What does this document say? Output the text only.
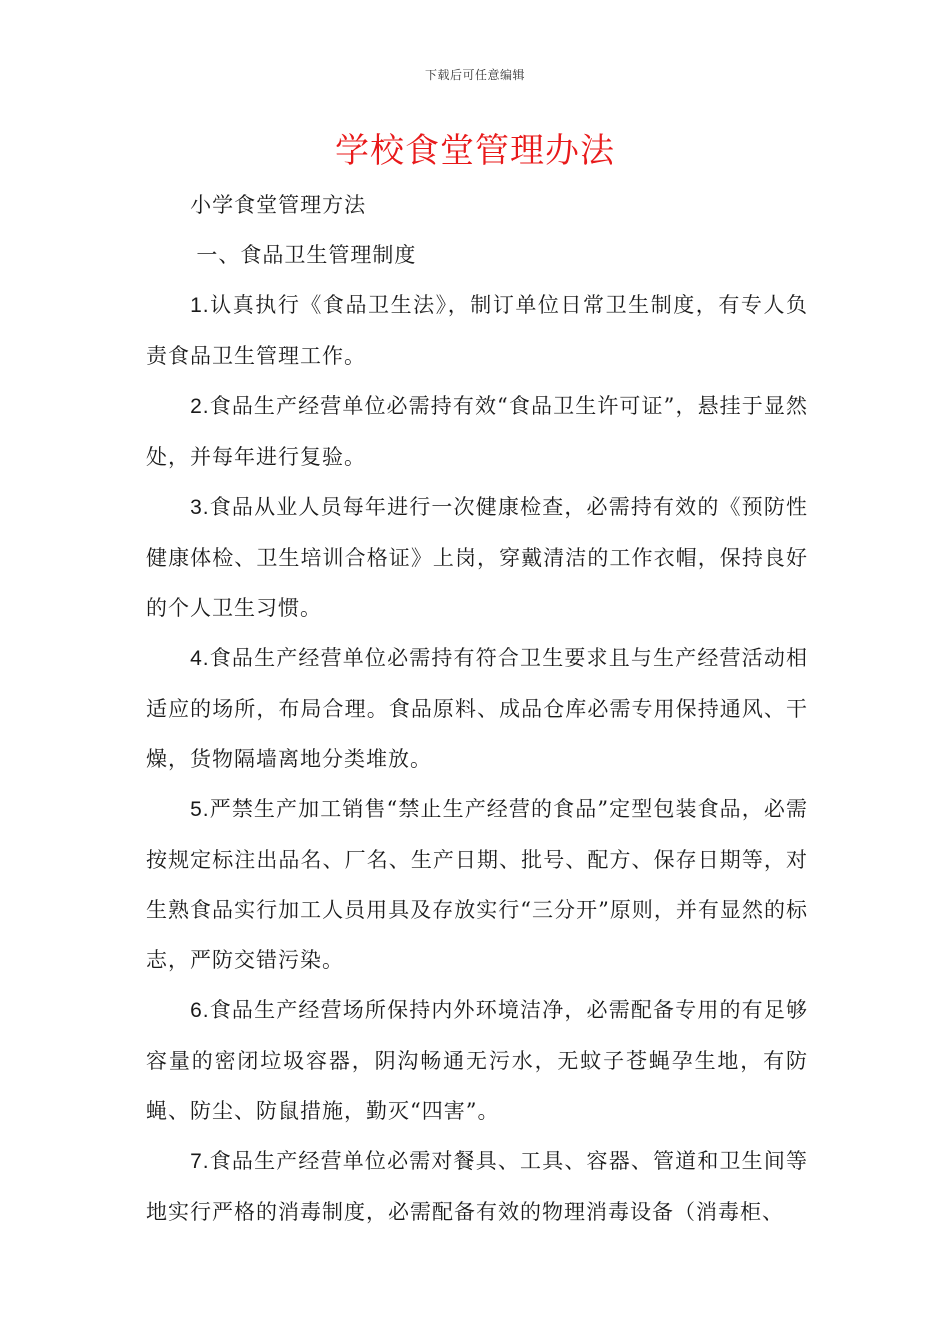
下载后可任意编辑
学校食堂管理办法

小学食堂管理方法

一、食品卫生管理制度

1.认真执行《食品卫生法》，制订单位日常卫生制度，有专人负责食品卫生管理工作。

2.食品生产经营单位必需持有效“食品卫生许可证”，悬挂于显然处，并每年进行复验。

3.食品从业人员每年进行一次健康检查，必需持有效的《预防性健康体检、卫生培训合格证》上岗，穿戴清洁的工作衣帽，保持良好的个人卫生习惯。

4.食品生产经营单位必需持有符合卫生要求且与生产经营活动相适应的场所，布局合理。食品原料、成品仓库必需专用保持通风、干燥，货物隔墙离地分类堆放。

5.严禁生产加工销售“禁止生产经营的食品”定型包装食品，必需按规定标注出品名、厂名、生产日期、批号、配方、保存日期等，对生熟食品实行加工人员用具及存放实行“三分开”原则，并有显然的标志，严防交错污染。

6.食品生产经营场所保持内外环境洁净，必需配备专用的有足够容量的密闭垃圾容器，阴沟畅通无污水，无蚊子苍蝇孕生地，有防蝇、防尘、防鼠措施，勤灭“四害”。

7.食品生产经营单位必需对餐具、工具、容器、管道和卫生间等地实行严格的消毒制度，必需配备有效的物理消毒设备（消毒柜、
